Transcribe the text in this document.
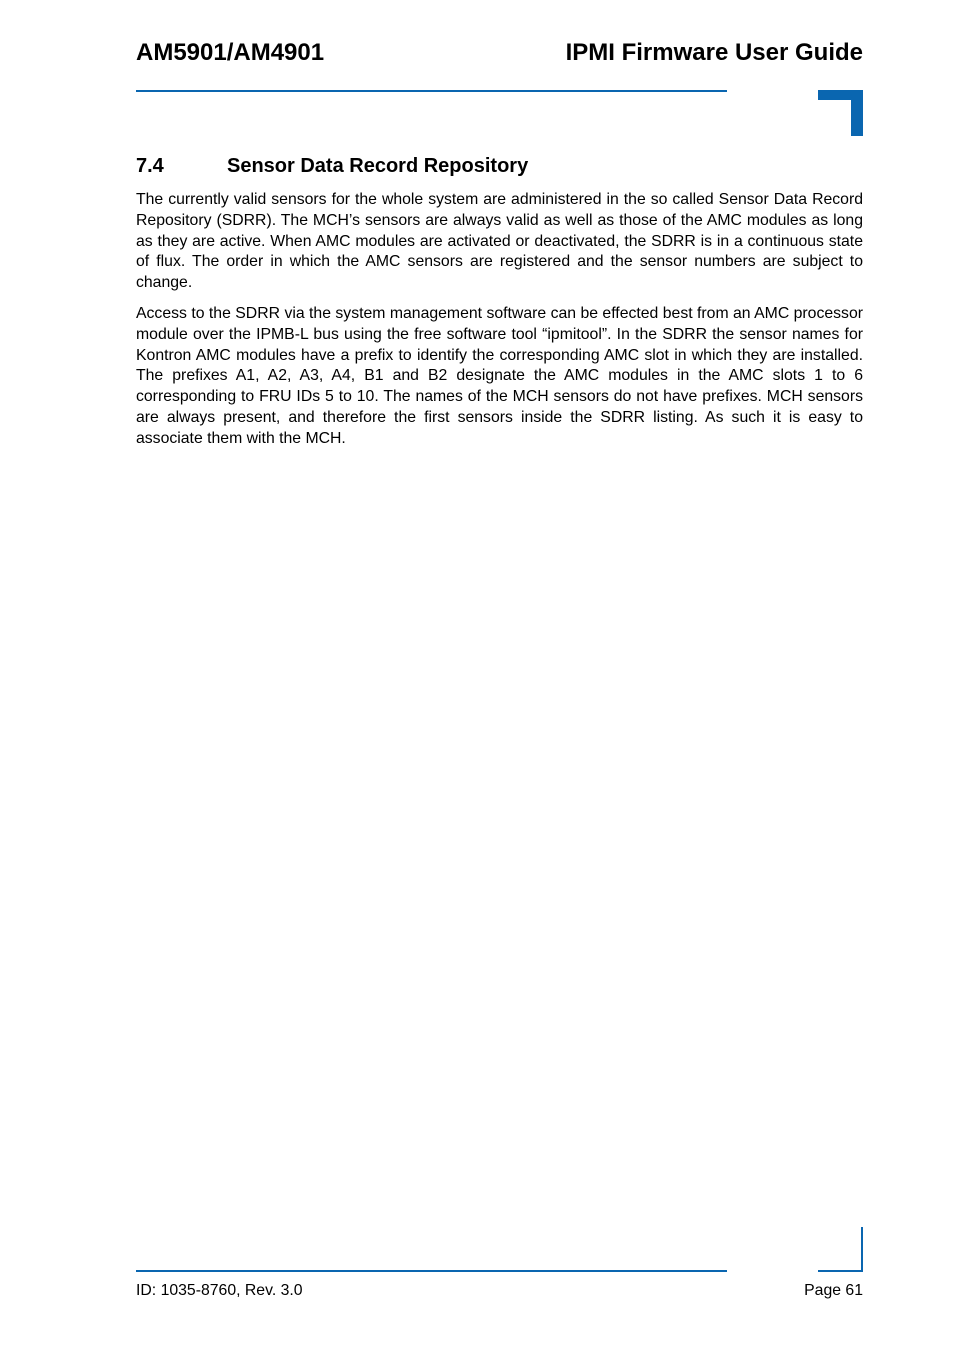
AM5901/AM4901	IPMI Firmware User Guide
7.4	Sensor Data Record Repository
The currently valid sensors for the whole system are administered in the so called Sensor Data Record Repository (SDRR). The MCH’s sensors are always valid as well as those of the AMC modules as long as they are active. When AMC modules are activated or deactivated, the SDRR is in a continuous state of flux. The order in which the AMC sensors are registered and the sensor numbers are subject to change.
Access to the SDRR via the system management software can be effected best from an AMC processor module over the IPMB-L bus using the free software tool “ipmitool”. In the SDRR the sensor names for Kontron AMC modules have a prefix to identify the corresponding AMC slot in which they are installed. The prefixes A1, A2, A3, A4, B1 and B2 designate the AMC modules in the AMC slots 1 to 6 corresponding to FRU IDs 5 to 10. The names of the MCH sensors do not have prefixes. MCH sensors are always present, and therefore the first sensors inside the SDRR listing. As such it is easy to associate them with the MCH.
ID: 1035-8760, Rev. 3.0	Page 61
